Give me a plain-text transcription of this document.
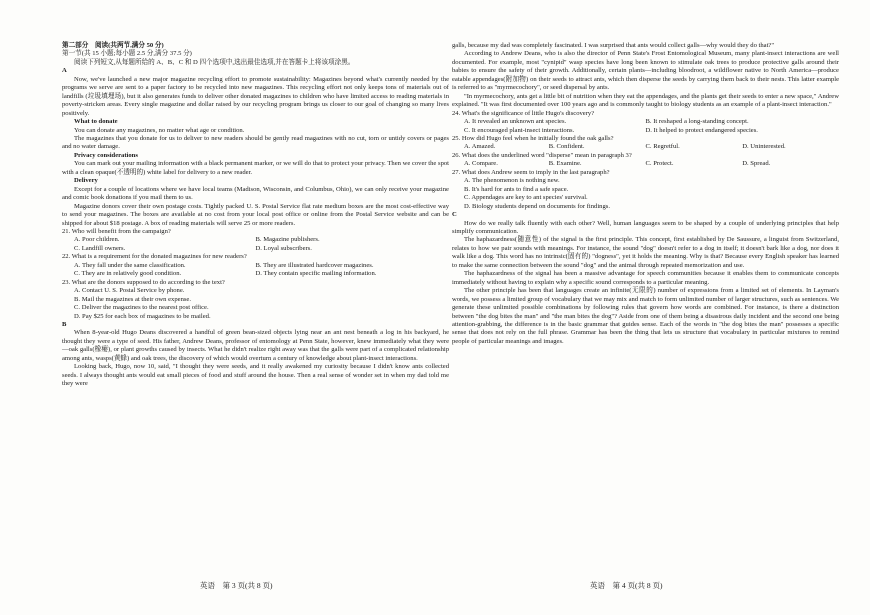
第二部分　阅读(共两节,满分 50 分)

第一节(共 15 小题;每小题 2.5 分,满分 37.5 分)

阅读下列短文,从每题所给的 A、B、C 和 D 四个选项中,选出最佳选项,并在答题卡上将该项涂黑。

A

Now, we've launched a new major magazine recycling effort to promote sustainability: Magazines beyond what's currently needed by the programs we serve are sent to a paper factory to be recycled into new magazines. This recycling effort not only keeps tons of materials out of landfills (垃圾填埋场), but it also generates funds to deliver other donated magazines to children who have limited access to reading materials in poverty-stricken areas. Every single magazine and dollar raised by our recycling program brings us closer to our goal of changing so many lives positively.

What to donate

You can donate any magazines, no matter what age or condition.

The magazines that you donate for us to deliver to new readers should be gently read magazines with no cut, torn or untidy covers or pages and no water damage.

Privacy considerations

You can mark out your mailing information with a black permanent marker, or we will do that to protect your privacy. Then we cover the spot with a clean opaque(不透明的) white label for delivery to a new reader.

Delivery

Except for a couple of locations where we have local teams (Madison, Wisconsin, and Columbus, Ohio), we can only receive your magazine and comic book donations if you mail them to us.

Magazine donors cover their own postage costs. Tightly packed U. S. Postal Service flat rate medium boxes are the most cost-effective way to send your magazines. The boxes are available at no cost from your local post office or online from the Postal Service website and can be shipped for about $18 postage. A box of reading materials will serve 25 or more readers.

21. Who will benefit from the campaign?

A. Poor children.	B. Magazine publishers.
C. Landfill owners.	D. Loyal subscribers.

22. What is a requirement for the donated magazines for new readers?

A. They fall under the same classification.	B. They are illustrated hardcover magazines.
C. They are in relatively good condition.	D. They contain specific mailing information.

23. What are the donors supposed to do according to the text?

A. Contact U. S. Postal Service by phone.

B. Mail the magazines at their own expense.

C. Deliver the magazines to the nearest post office.

D. Pay $25 for each box of magazines to be mailed.

B

When 8-year-old Hugo Deans discovered a handful of green bean-sized objects lying near an ant nest beneath a log in his backyard, he thought they were a type of seed. His father, Andrew Deans, professor of entomology at Penn State, however, knew immediately what they were—oak galls(橡瘿), or plant growths caused by insects. What he didn't realize right away was that the galls were part of a complicated relationship among ants, wasps(黄蜂) and oak trees, the discovery of which would overturn a century of knowledge about plant-insect interactions.

Looking back, Hugo, now 10, said, "I thought they were seeds, and it really awakened my curiosity because I didn't know ants collected seeds. I always thought ants would eat small pieces of food and stuff around the house. Then a real sense of wonder set in when my dad told me they were

galls, because my dad was completely fascinated. I was surprised that ants would collect galls—why would they do that?"

According to Andrew Deans, who is also the director of Penn State's Frost Entomological Museum, many plant-insect interactions are well documented. For example, most "cynipid" wasp species have long been known to stimulate oak trees to produce protective galls around their babies to ensure the safety of their growth. Additionally, certain plants—including bloodroot, a wildflower native to North America—produce eatable appendages(附加物) on their seeds to attract ants, which then disperse the seeds by carrying them back to their nests. This latter example is referred to as "myrmecochory", or seed dispersal by ants.

"In myrmecochory, ants get a little bit of nutrition when they eat the appendages, and the plants get their seeds to enter a new space," Andrew explained. "It was first documented over 100 years ago and is commonly taught to biology students as an example of a plant-insect interaction."

24. What's the significance of little Hugo's discovery?

A. It revealed an unknown ant species.	B. It reshaped a long-standing concept.
C. It encouraged plant-insect interactions.	D. It helped to protect endangered species.

25. How did Hugo feel when he initially found the oak galls?

A. Amazed.	B. Confident.	C. Regretful.	D. Uninterested.

26. What does the underlined word "disperse" mean in paragraph 3?

A. Compare.	B. Examine.	C. Protect.	D. Spread.

27. What does Andrew seem to imply in the last paragraph?

A. The phenomenon is nothing new.

B. It's hard for ants to find a safe space.

C. Appendages are key to ant species' survival.

D. Biology students depend on documents for findings.

C

How do we really talk fluently with each other? Well, human languages seem to be shaped by a couple of underlying principles that help simplify communication.

The haphazardness(随意性) of the signal is the first principle. This concept, first established by De Saussure, a linguist from Switzerland, relates to how we pair sounds with meanings. For instance, the sound "dog" doesn't refer to a dog in itself; it doesn't bark like a dog, nor does it walk like a dog. This word has no intrinsic(固有的) "dogness", yet it holds the meaning. Why is that? Because every English speaker has learned to make the same connection between the sound "dog" and the animal through repeated memorization and use.

The haphazardness of the signal has been a massive advantage for speech communities because it enables them to communicate concepts immediately without having to explain why a specific sound corresponds to a particular meaning.

The other principle has been that languages create an infinite(无限的) number of expressions from a limited set of elements. In Layman's words, we possess a limited group of vocabulary that we may mix and match to form unlimited number of larger structures, such as sentences. We generate these unlimited possible combinations by following rules that govern how words are combined. For instance, is there a distinction between "the dog bites the man" and "the man bites the dog"? Aside from one of them being a disastrous daily incident and the second one being attention-grabbing, the difference is in the basic grammar that guides sense. Each of the words in "the dog bites the man" possesses a specific sense that does not rely on the full phrase. Grammar has been the thing that lets us structure that vocabulary in particular mixtures to remind people of particular meanings and images.

英语　第 3 页(共 8 页)	英语　第 4 页(共 8 页)
